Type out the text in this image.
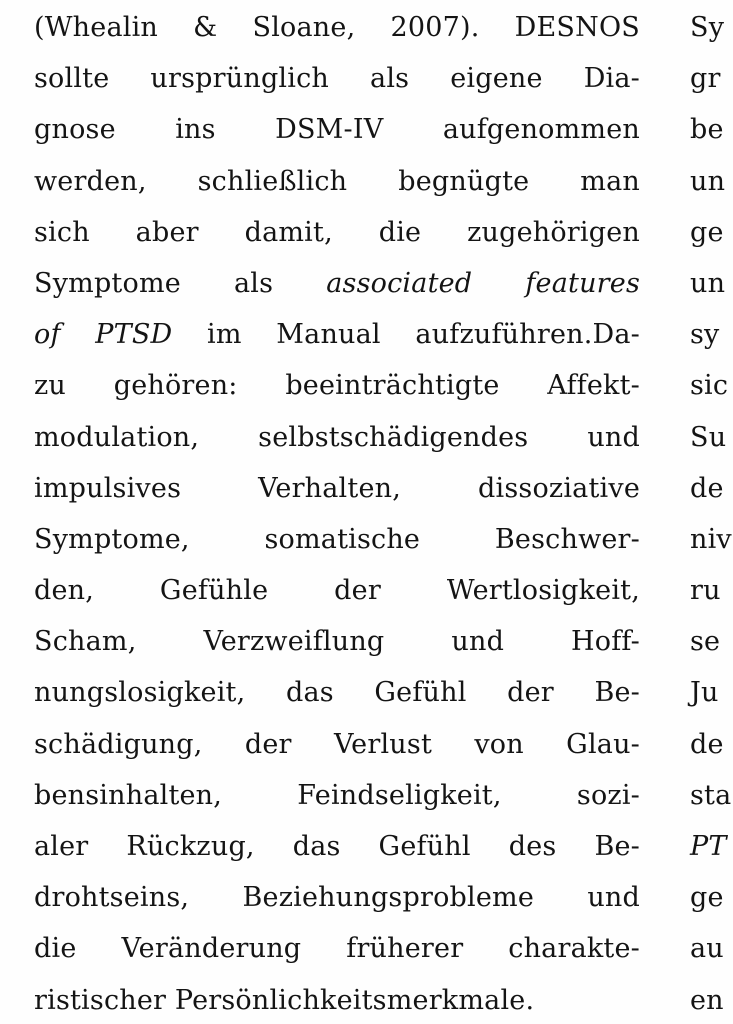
(Whealin & Sloane, 2007). DESNOS
sollte ursprünglich als eigene Dia-
gnose ins DSM-IV aufgenommen
werden, schließlich begnügte man
sich aber damit, die zugehörigen
Symptome als associated features
of PTSD im Manual aufzuführen.Da-
zu gehören: beeinträchtigte Affekt-
modulation, selbstschädigendes und
impulsives Verhalten, dissoziative
Symptome, somatische Beschwer-
den, Gefühle der Wertlosigkeit,
Scham, Verzweiflung und Hoff-
nungslosigkeit, das Gefühl der Be-
schädigung, der Verlust von Glau-
bensinhalten, Feindseligkeit, sozi-
aler Rückzug, das Gefühl des Be-
drohtseins, Beziehungsprobleme und
die Veränderung früherer charakte-
ristischer Persönlichkeitsmerkmale.
Sy
gr
be
un
ge
un
sy
sic
Su
de
niv
ru
se
Ju
de
sta
PT
ge
au
en
